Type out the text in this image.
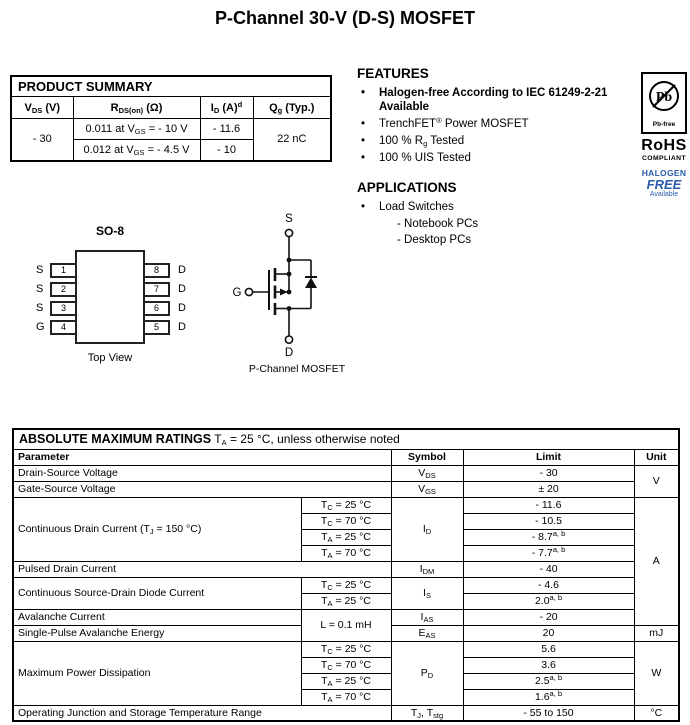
P-Channel 30-V (D-S) MOSFET
PRODUCT SUMMARY			
$V_{DS}$ (V)	$R_{DS(on)}$ (Ω)	$I_D$ $(A)^d$	$Q_g$ (Typ.)
- 30	0.011 at $V_{GS}$ = - 10 V	- 11.6	22 nC
	0.012 at $V_{GS}$ = - 4.5 V	- 10	
FEATURES
•	Halogen-free According to IEC 61249-2-21 Available
•	TrenchFET® Power MOSFET
•	100 % $R_g$ Tested
•	100 % UIS Tested
APPLICATIONS
•	Load Switches
- Notebook PCs
- Desktop PCs
Pb
Pb-free
RoHS
COMPLIANT
HALOGEN
FREE
Available
SO-8
S
S
S
G
1
2
3
4
8
7
6
5
D
D
D
D
Top View
S
G
D
P-Channel MOSFET
ABSOLUTE MAXIMUM RATINGS $T_A = 25$ °C, unless otherwise noted				
Parameter		Symbol	Limit	Unit
Drain-Source Voltage		$V_{DS}$	- 30	V
Gate-Source Voltage		$V_{GS}$	± 20	
Continuous Drain Current ($T_J = 150$ °C)	$T_C = 25$ °C	$I_D$	- 11.6	A
	$T_C = 70$ °C		- 10.5	
	$T_A = 25$ °C		- 8.7$^{a, b}$
	$T_A = 70$ °C		- 7.7$^{a, b}$
Pulsed Drain Current		$I_{DM}$	- 40	
Continuous Source-Drain Diode Current	$T_C = 25$ °C	$I_S$	- 4.6	
	$T_A = 25$ °C		2.0$^{a, b}$
Avalanche Current	L = 0.1 mH	$I_{AS}$	- 20	
Single-Pulse Avalanche Energy		$E_{AS}$	20	mJ
Maximum Power Dissipation	$T_C = 25$ °C	$P_D$	5.6	W
	$T_C = 70$ °C		3.6	
	$T_A = 25$ °C		2.5$^{a, b}$
	$T_A = 70$ °C		1.6$^{a, b}$
Operating Junction and Storage Temperature Range		$T_J$, $T_{stg}$	- 55 to 150	°C
